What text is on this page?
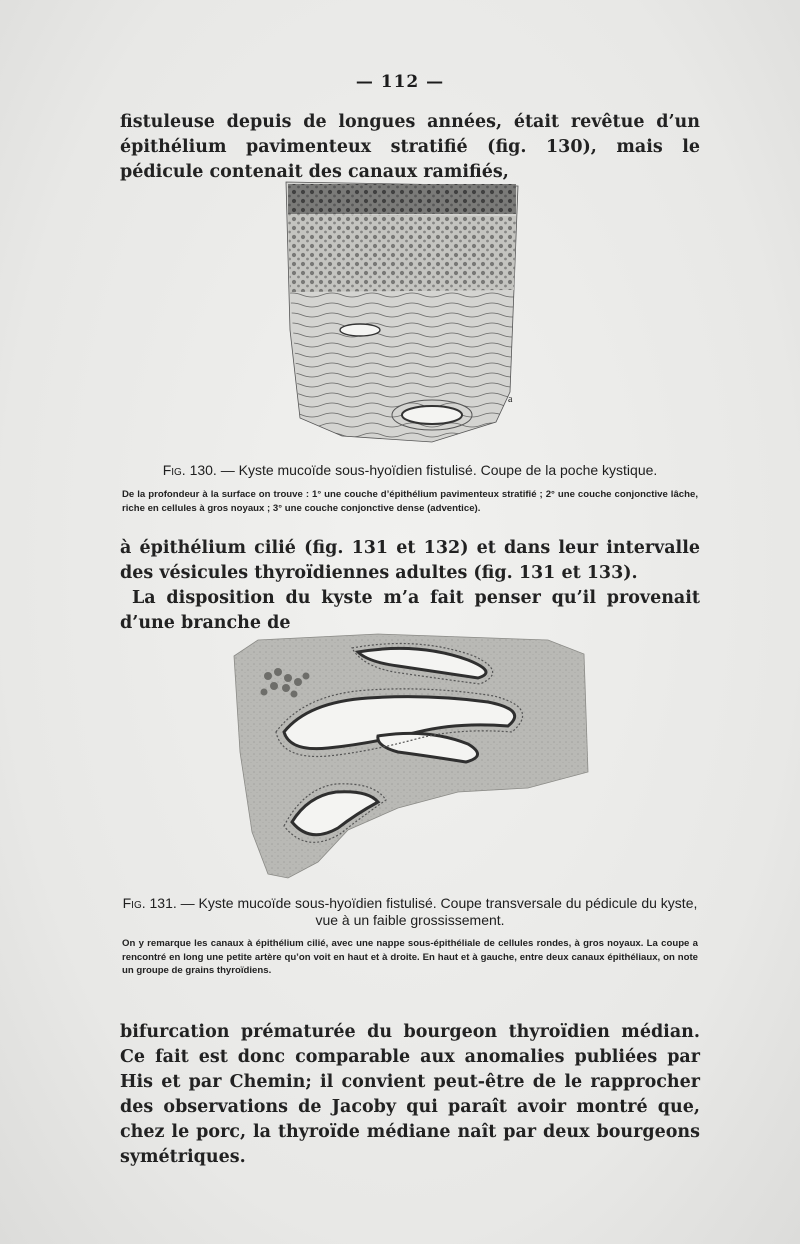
— 112 —

fistuleuse depuis de longues années, était revêtue d’un épithélium pavimenteux stratifié (fig. 130), mais le pédicule contenait des canaux ramifiés,

a

Fig. 130. — Kyste mucoïde sous-hyoïdien fistulisé. Coupe de la poche kystique.

De la profondeur à la surface on trouve : 1° une couche d’épithélium pavimenteux stratifié ; 2° une couche conjonctive lâche, riche en cellules à gros noyaux ; 3° une couche conjonctive dense (adventice).

à épithélium cilié (fig. 131 et 132) et dans leur intervalle des vésicules thyroïdiennes adultes (fig. 131 et 133).
La disposition du kyste m’a fait penser qu’il provenait d’une branche de

Fig. 131. — Kyste mucoïde sous-hyoïdien fistulisé. Coupe transversale du pédicule du kyste, vue à un faible grossissement.

On y remarque les canaux à épithélium cilié, avec une nappe sous-épithéliale de cellules rondes, à gros noyaux. La coupe a rencontré en long une petite artère qu’on voit en haut et à droite. En haut et à gauche, entre deux canaux épithéliaux, on note un groupe de grains thyroïdiens.

bifurcation prématurée du bourgeon thyroïdien médian. Ce fait est donc comparable aux anomalies publiées par His et par Chemin; il convient peut-être de le rapprocher des observations de Jacoby qui paraît avoir montré que, chez le porc, la thyroïde médiane naît par deux bourgeons symétriques.
